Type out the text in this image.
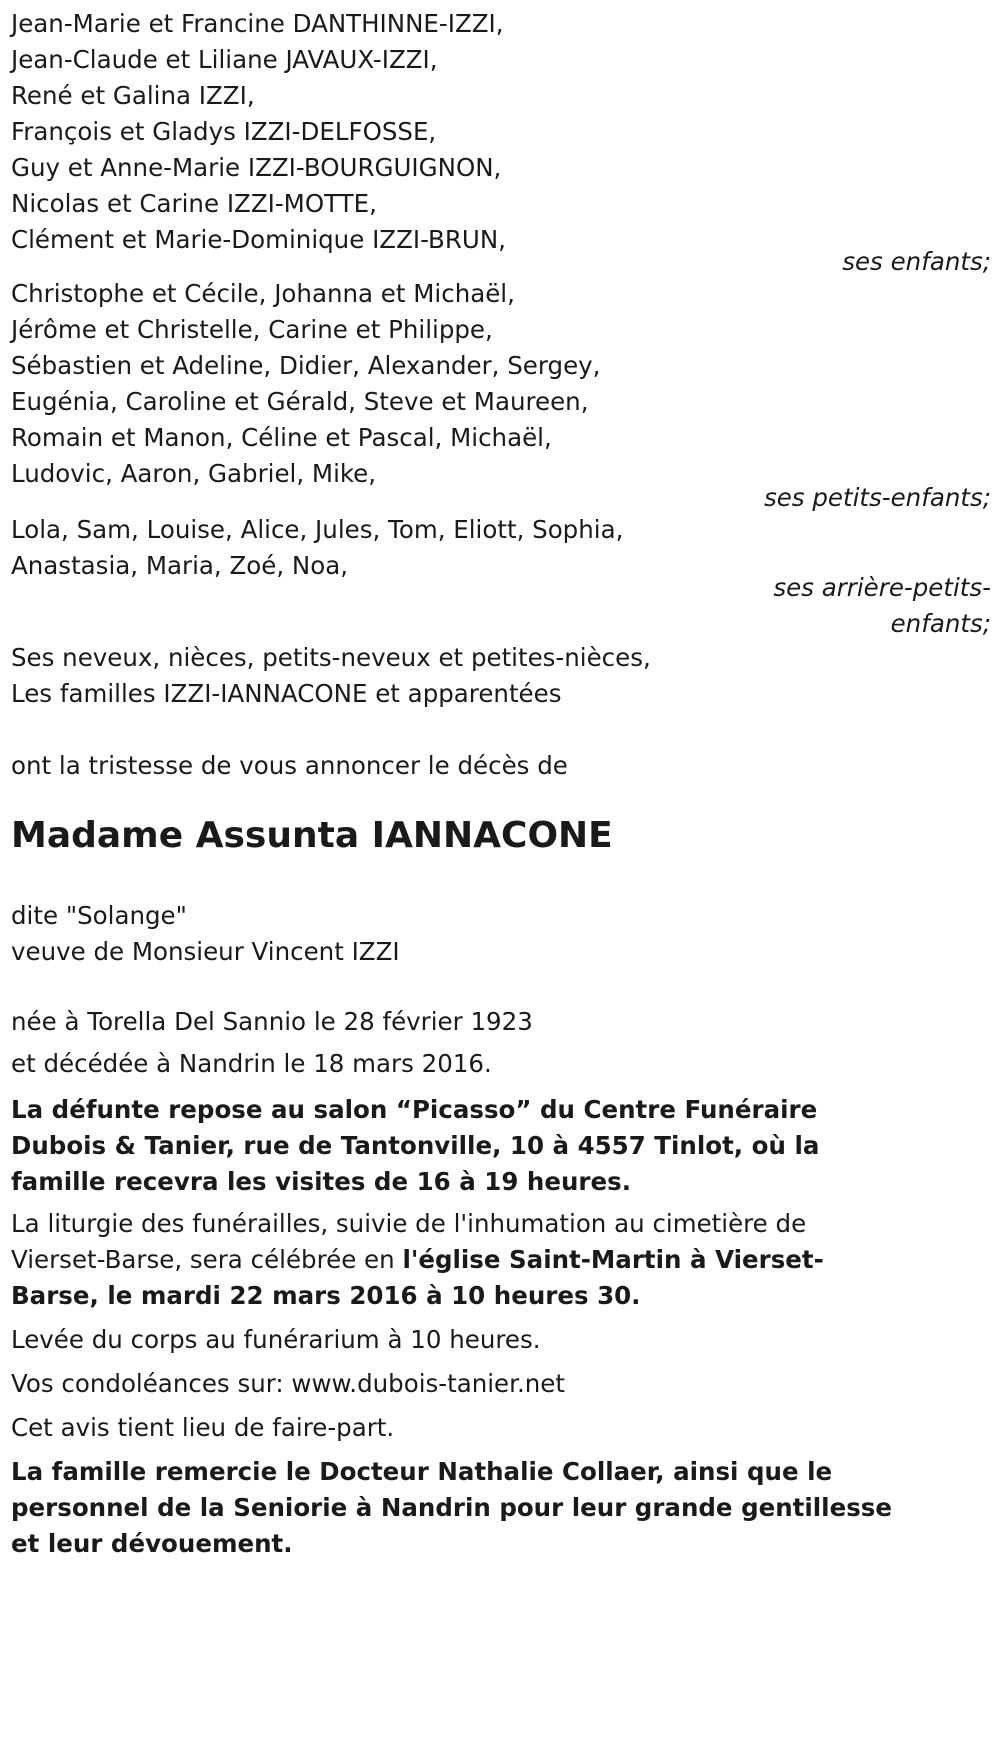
Jean-Marie et Francine DANTHINNE-IZZI,
Jean-Claude et Liliane JAVAUX-IZZI,
René et Galina IZZI,
François et Gladys IZZI-DELFOSSE,
Guy et Anne-Marie IZZI-BOURGUIGNON,
Nicolas et Carine IZZI-MOTTE,
Clément et Marie-Dominique IZZI-BRUN,
ses enfants;
Christophe et Cécile, Johanna et Michaël,
Jérôme et Christelle, Carine et Philippe,
Sébastien et Adeline, Didier, Alexander, Sergey,
Eugénia, Caroline et Gérald, Steve et Maureen,
Romain et Manon, Céline et Pascal, Michaël,
Ludovic, Aaron, Gabriel, Mike,
ses petits-enfants;
Lola, Sam, Louise, Alice, Jules, Tom, Eliott, Sophia,
Anastasia, Maria, Zoé, Noa,
ses arrière-petits-
enfants;
Ses neveux, nièces, petits-neveux et petites-nièces,
Les familles IZZI-IANNACONE et apparentées
ont la tristesse de vous annoncer le décès de
Madame Assunta IANNACONE
dite "Solange"
veuve de Monsieur Vincent IZZI
née à Torella Del Sannio le 28 février 1923
et décédée à Nandrin le 18 mars 2016.
La défunte repose au salon “Picasso” du Centre Funéraire Dubois & Tanier, rue de Tantonville, 10 à 4557 Tinlot, où la famille recevra les visites de 16 à 19 heures.
La liturgie des funérailles, suivie de l'inhumation au cimetière de Vierset-Barse, sera célébrée en l'église Saint-Martin à Vierset-Barse, le mardi 22 mars 2016 à 10 heures 30.
Levée du corps au funérarium à 10 heures.
Vos condoléances sur: www.dubois-tanier.net
Cet avis tient lieu de faire-part.
La famille remercie le Docteur Nathalie Collaer, ainsi que le personnel de la Seniorie à Nandrin pour leur grande gentillesse et leur dévouement.
